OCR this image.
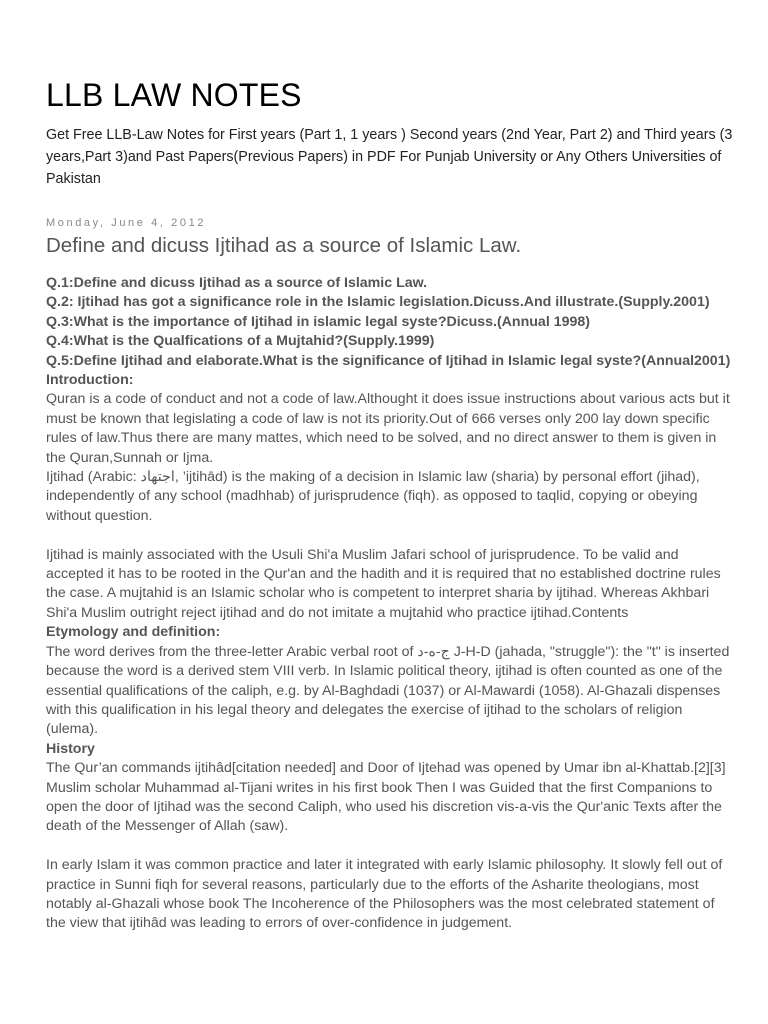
LLB LAW NOTES

Get Free LLB-Law Notes for First years (Part 1, 1 years ) Second years (2nd Year, Part 2) and Third years (3 years,Part 3)and Past Papers(Previous Papers) in PDF For Punjab University or Any Others Universities of Pakistan

Monday, June 4, 2012
Define and dicuss Ijtihad as a source of Islamic Law.
Q.1:Define and dicuss Ijtihad as a source of Islamic Law.
Q.2: Ijtihad has got a significance role in the Islamic legislation.Dicuss.And illustrate.(Supply.2001)
Q.3:What is the importance of Ijtihad in islamic legal syste?Dicuss.(Annual 1998)
Q.4:What is the Qualfications of a Mujtahid?(Supply.1999)
Q.5:Define Ijtihad and elaborate.What is the significance of Ijtihad in Islamic legal syste?(Annual2001)
Introduction:

Quran is a code of conduct and not a code of law.Althought it does issue instructions about various acts but it must be known that legislating a code of law is not its priority.Out of 666 verses only 200 lay down specific rules of law.Thus there are many mattes, which need to be solved, and no direct answer to them is given in the Quran,Sunnah or Ijma.

Ijtihad (Arabic: اجتهاد, ’ijtihād) is the making of a decision in Islamic law (sharia) by personal effort (jihad), independently of any school (madhhab) of jurisprudence (fiqh). as opposed to taqlid, copying or obeying without question.

Ijtihad is mainly associated with the Usuli Shi'a Muslim Jafari school of jurisprudence. To be valid and accepted it has to be rooted in the Qur'an and the hadith and it is required that no established doctrine rules the case. A mujtahid is an Islamic scholar who is competent to interpret sharia by ijtihad. Whereas Akhbari Shi'a Muslim outright reject ijtihad and do not imitate a mujtahid who practice ijtihad.Contents

Etymology and definition:

The word derives from the three-letter Arabic verbal root of ج-ه-د J-H-D (jahada, "struggle"): the "t" is inserted because the word is a derived stem VIII verb. In Islamic political theory, ijtihad is often counted as one of the essential qualifications of the caliph, e.g. by Al-Baghdadi (1037) or Al-Mawardi (1058). Al-Ghazali dispenses with this qualification in his legal theory and delegates the exercise of ijtihad to the scholars of religion (ulema).

History

The Qur’an commands ijtihâd[citation needed] and Door of Ijtehad was opened by Umar ibn al-Khattab.[2][3] Muslim scholar Muhammad al-Tijani writes in his first book Then I was Guided that the first Companions to open the door of Ijtihad was the second Caliph, who used his discretion vis-a-vis the Qur'anic Texts after the death of the Messenger of Allah (saw).

In early Islam it was common practice and later it integrated with early Islamic philosophy. It slowly fell out of practice in Sunni fiqh for several reasons, particularly due to the efforts of the Asharite theologians, most notably al-Ghazali whose book The Incoherence of the Philosophers was the most celebrated statement of the view that ijtihâd was leading to errors of over-confidence in judgement.
